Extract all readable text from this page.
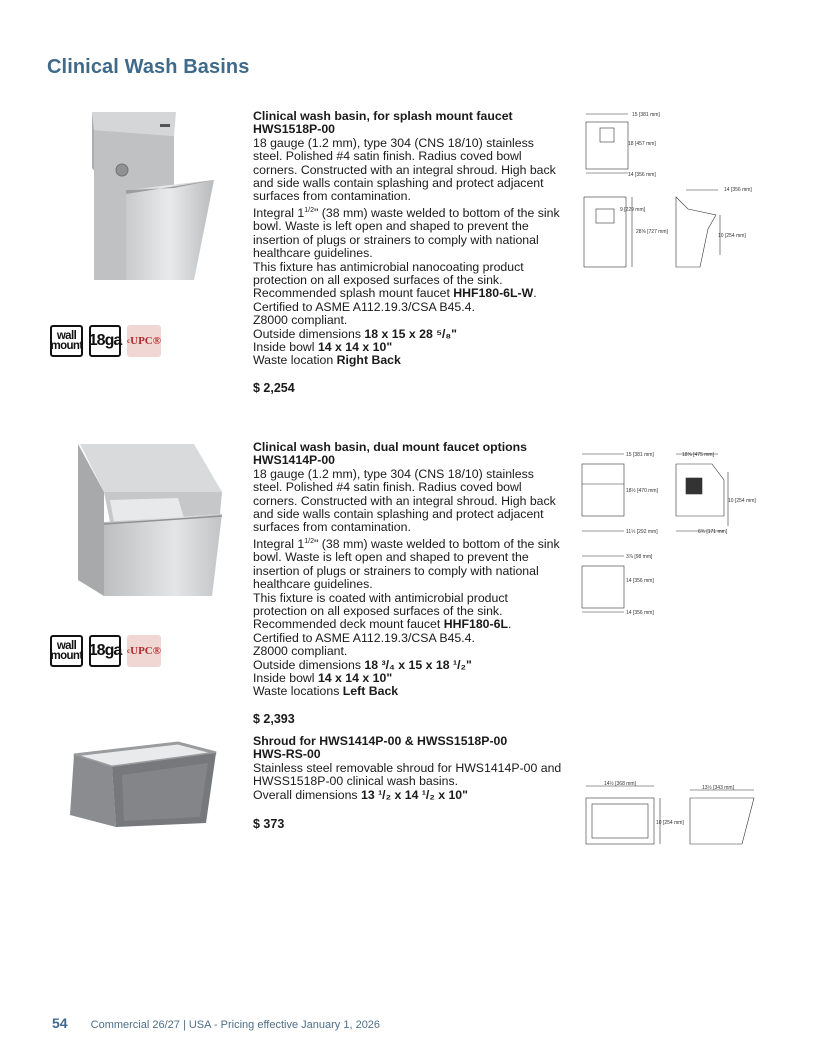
Clinical Wash Basins
wall
mount 18ga c UPC®

Clinical wash basin, for splash mount faucet

HWS1518P-00

18 gauge (1.2 mm), type 304 (CNS 18/10) stainless steel. Polished #4 satin finish. Radius coved bowl corners. Constructed with an integral shroud. High back and side walls contain splashing and protect adjacent surfaces from contamination.

Integral $1^{1/2}$" (38 mm) waste welded to bottom of the sink bowl. Waste is left open and shaped to prevent the insertion of plugs or strainers to comply with national healthcare guidelines.

This fixture has antimicrobial nanocoating product protection on all exposed surfaces of the sink.

Recommended splash mount faucet HHF180-6L-W.

Certified to ASME A112.19.3/CSA B45.4.

Z8000 compliant.

Outside dimensions 18 x 15 x 28 ⁵/₈"

Inside bowl 14 x 14 x 10"

Waste location Right Back

$ 2,254
15 [381 mm]
18 [457 mm]
14 [356 mm]
14 [356 mm]
9 [229 mm]
28⅝ [727 mm]
10 [254 mm]
wall
mount 18ga c UPC®

Clinical wash basin, dual mount faucet options

HWS1414P-00

18 gauge (1.2 mm), type 304 (CNS 18/10) stainless steel. Polished #4 satin finish. Radius coved bowl corners. Constructed with an integral shroud. High back and side walls contain splashing and protect adjacent surfaces from contamination.

Integral $1^{1/2}$" (38 mm) waste welded to bottom of the sink bowl. Waste is left open and shaped to prevent the insertion of plugs or strainers to comply with national healthcare guidelines.

This fixture is coated with antimicrobial product protection on all exposed surfaces of the sink.

Recommended deck mount faucet HHF180-6L.

Certified to ASME A112.19.3/CSA B45.4.

Z8000 compliant.

Outside dimensions 18 ³/₄ x 15 x 18 ¹/₂"

Inside bowl 14 x 14 x 10"

Waste locations Left Back

$ 2,393
15 [381 mm]	18⅝ [475 mm]
18½ [470 mm]
10 [254 mm]
11½ [292 mm]	6¾ [171 mm]
3⅞ [98 mm]
14 [356 mm]
14 [356 mm]

Shroud for HWS1414P-00 & HWSS1518P-00

HWS-RS-00

Stainless steel removable shroud for HWS1414P-00 and HWSS1518P-00 clinical wash basins.

Overall dimensions 13 ¹/₂ x 14 ¹/₂ x 10"

$ 373
14½ [368 mm]
13½ [343 mm]
10 [254 mm]
54 Commercial 26/27 | USA - Pricing effective January 1, 2026
